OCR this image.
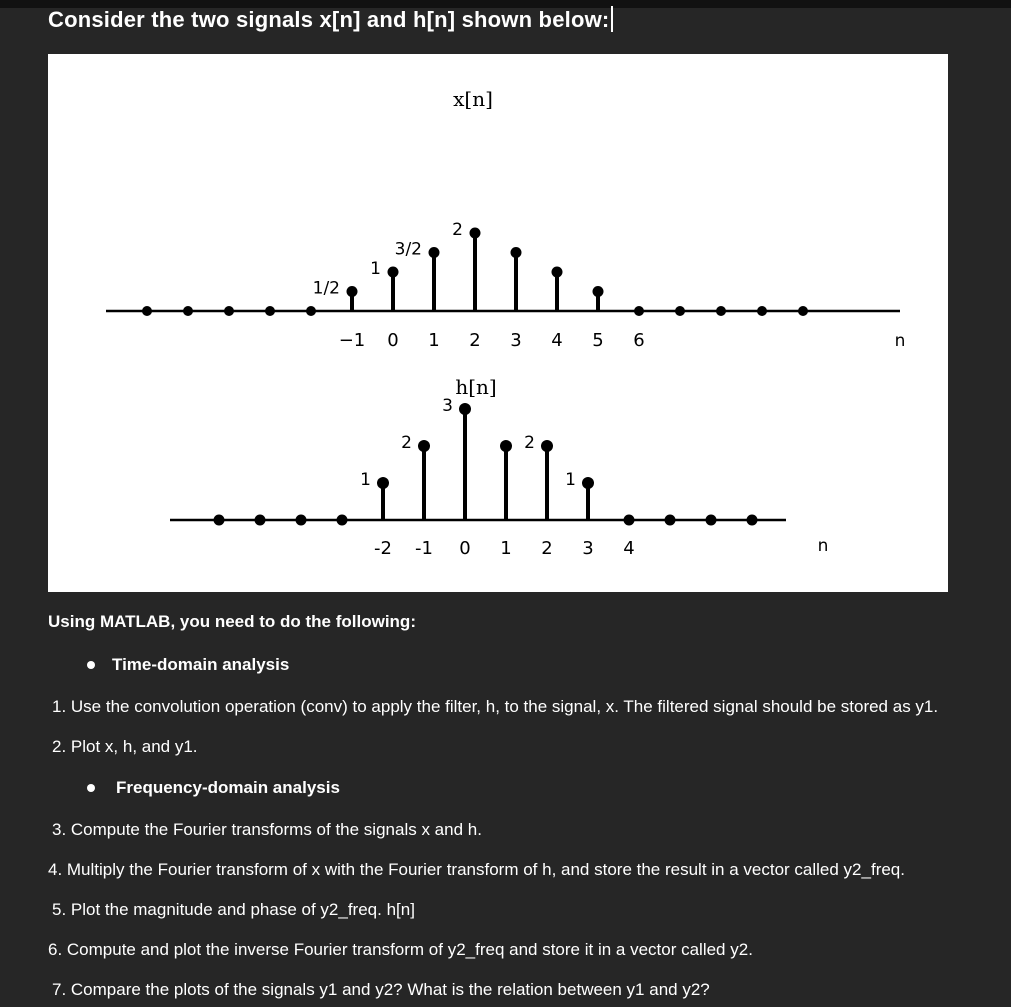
Consider the two signals x[n] and h[n] shown below:
x[n]
n
1/2
1
3/2
2
−1 0 1 2 3 4 5 6
h[n]
n
1
2
3
2
1
-2 -1 0 1 2 3 4
Using MATLAB, you need to do the following:
Time-domain analysis
1. Use the convolution operation (conv) to apply the filter, h, to the signal, x. The filtered signal should be stored as y1.
2. Plot x, h, and y1.
Frequency-domain analysis
3. Compute the Fourier transforms of the signals x and h.
4. Multiply the Fourier transform of x with the Fourier transform of h, and store the result in a vector called y2_freq.
5. Plot the magnitude and phase of y2_freq. h[n]
6. Compute and plot the inverse Fourier transform of y2_freq and store it in a vector called y2.
7. Compare the plots of the signals y1 and y2? What is the relation between y1 and y2?
